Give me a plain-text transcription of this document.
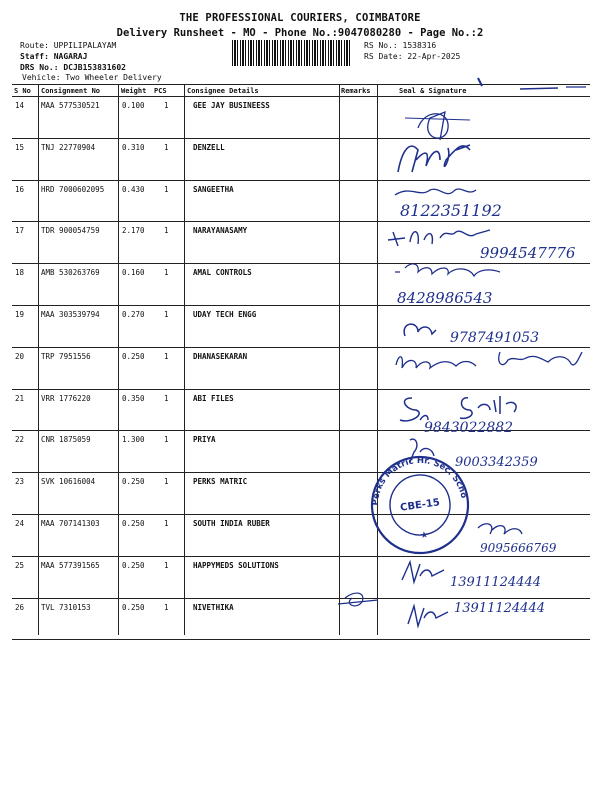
THE PROFESSIONAL COURIERS, COIMBATORE
Delivery Runsheet - MO - Phone No.:9047080280 - Page No.:2
Route: UPPILIPALAYAM
Staff: NAGARAJ
DRS No.: DCJB153831602
Vehicle: Two Wheeler Delivery
RS No.: 1538316
RS Date: 22-Apr-2025
S No Consignment No	Weight PCS	Consignee Details	Remarks	Seal & Signature
14 MAA 577530521	0.100	1	GEE JAY BUSINEESS
15 TNJ 22770904	0.310	1	DENZELL
16 HRD 7000602095 0.430	1	SANGEETHA
17 TDR 900054759	2.170	1	NARAYANASAMY
18 AMB 530263769	0.160	1	AMAL CONTROLS
19 MAA 303539794	0.270	1	UDAY TECH ENGG
20 TRP 7951556	0.250	1	DHANASEKARAN
21 VRR 1776220	0.350	1	ABI FILES
22 CNR 1875059	1.300	1	PRIYA
23 SVK 10616004	0.250	1	PERKS MATRIC
24 MAA 707141303	0.250	1	SOUTH INDIA RUBER
25 MAA 577391565	0.250	1	HAPPYMEDS SOLUTIONS
26 TVL 7310153	0.250	1	NIVETHIKA
8122351192
9994547776
8428986543
9787491053
9843022882
9003342359
Perks Matric Hr. Sec. School
CBE-15
★
9095666769
13911124444
13911124444
